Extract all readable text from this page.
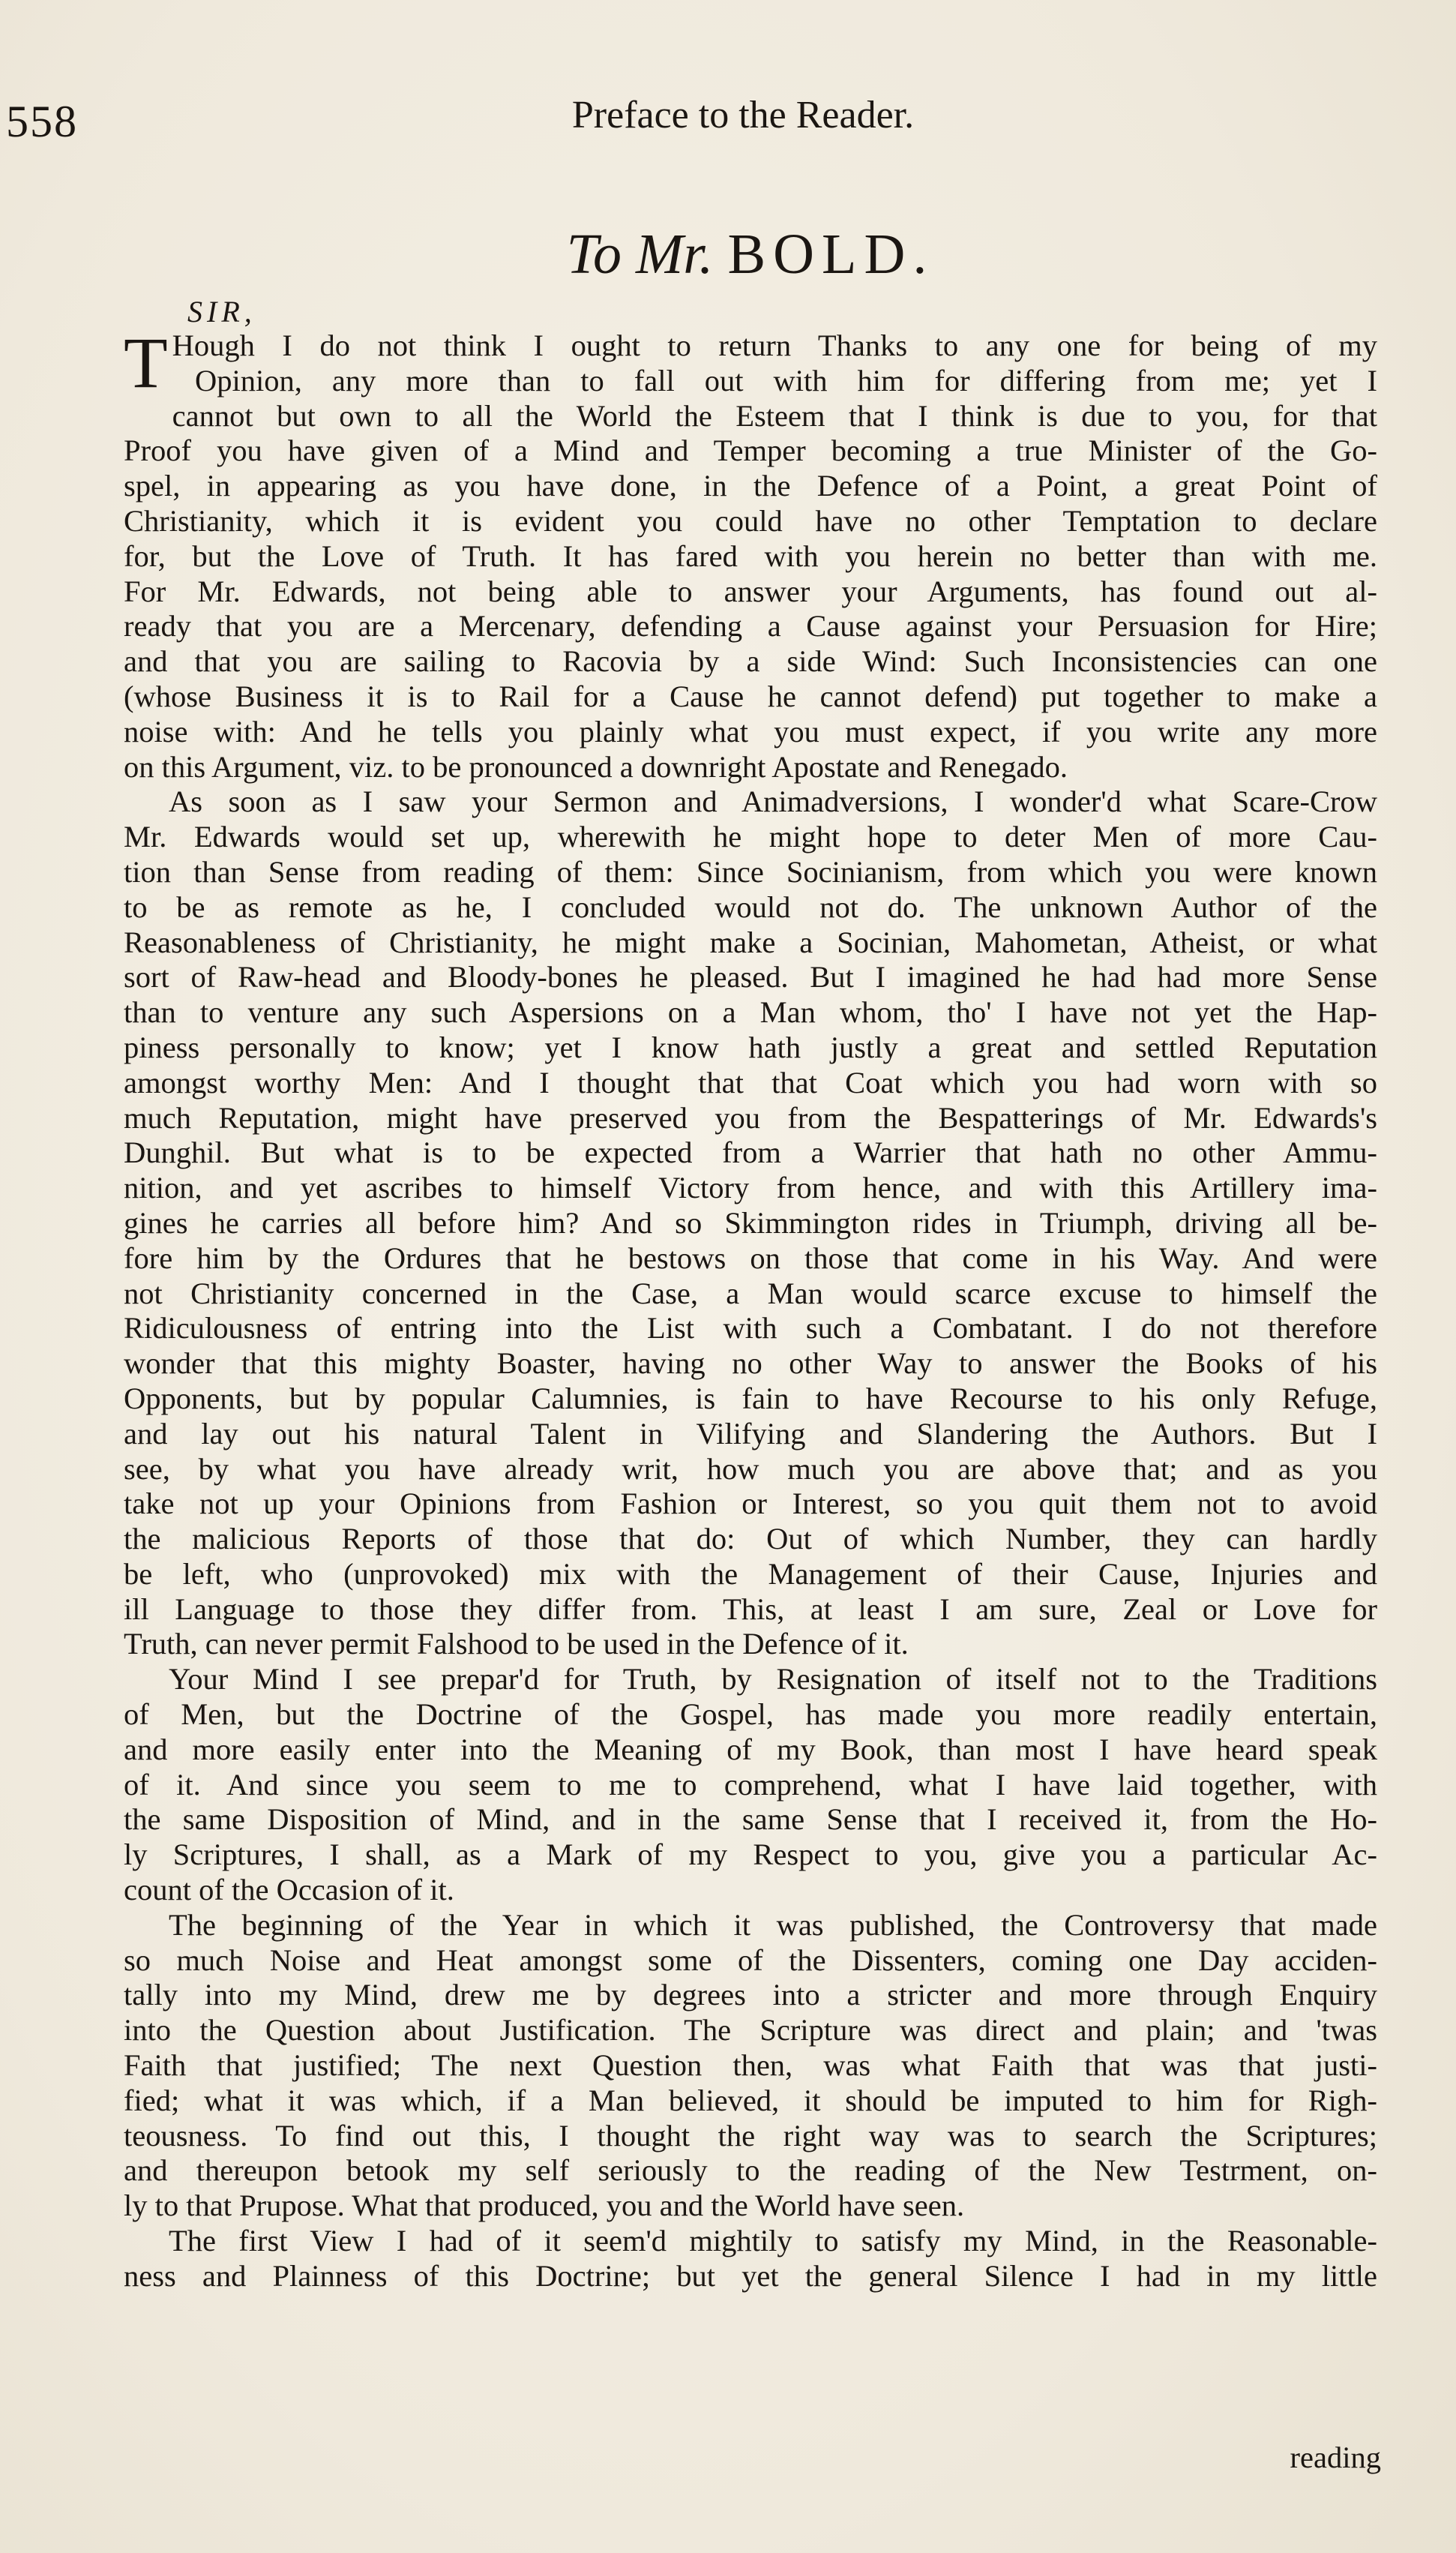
558	Preface to the Reader.
To Mr. BOLD.
SIR,
T Hough I do not think I ought to return Thanks to any one for being of my
Opinion, any more than to fall out with him for differing from me; yet I
cannot but own to all the World the Esteem that I think is due to you, for that
Proof you have given of a Mind and Temper becoming a true Minister of the Go-
spel, in appearing as you have done, in the Defence of a Point, a great Point of
Christianity, which it is evident you could have no other Temptation to declare
for, but the Love of Truth. It has fared with you herein no better than with me.
For Mr. Edwards, not being able to answer your Arguments, has found out al-
ready that you are a Mercenary, defending a Cause against your Persuasion for Hire;
and that you are sailing to Racovia by a side Wind: Such Inconsistencies can one
(whose Business it is to Rail for a Cause he cannot defend) put together to make a
noise with: And he tells you plainly what you must expect, if you write any more
on this Argument, viz. to be pronounced a downright Apostate and Renegado.
As soon as I saw your Sermon and Animadversions, I wonder'd what Scare-Crow
Mr. Edwards would set up, wherewith he might hope to deter Men of more Cau-
tion than Sense from reading of them: Since Socinianism, from which you were known
to be as remote as he, I concluded would not do. The unknown Author of the
Reasonableness of Christianity, he might make a Socinian, Mahometan, Atheist, or what
sort of Raw-head and Bloody-bones he pleased. But I imagined he had had more Sense
than to venture any such Aspersions on a Man whom, tho' I have not yet the Hap-
piness personally to know; yet I know hath justly a great and settled Reputation
amongst worthy Men: And I thought that that Coat which you had worn with so
much Reputation, might have preserved you from the Bespatterings of Mr. Edwards's
Dunghil. But what is to be expected from a Warrier that hath no other Ammu-
nition, and yet ascribes to himself Victory from hence, and with this Artillery ima-
gines he carries all before him? And so Skimmington rides in Triumph, driving all be-
fore him by the Ordures that he bestows on those that come in his Way. And were
not Christianity concerned in the Case, a Man would scarce excuse to himself the
Ridiculousness of entring into the List with such a Combatant. I do not therefore
wonder that this mighty Boaster, having no other Way to answer the Books of his
Opponents, but by popular Calumnies, is fain to have Recourse to his only Refuge,
and lay out his natural Talent in Vilifying and Slandering the Authors. But I
see, by what you have already writ, how much you are above that; and as you
take not up your Opinions from Fashion or Interest, so you quit them not to avoid
the malicious Reports of those that do: Out of which Number, they can hardly
be left, who (unprovoked) mix with the Management of their Cause, Injuries and
ill Language to those they differ from. This, at least I am sure, Zeal or Love for
Truth, can never permit Falshood to be used in the Defence of it.
Your Mind I see prepar'd for Truth, by Resignation of itself not to the Traditions
of Men, but the Doctrine of the Gospel, has made you more readily entertain,
and more easily enter into the Meaning of my Book, than most I have heard speak
of it. And since you seem to me to comprehend, what I have laid together, with
the same Disposition of Mind, and in the same Sense that I received it, from the Ho-
ly Scriptures, I shall, as a Mark of my Respect to you, give you a particular Ac-
count of the Occasion of it.
The beginning of the Year in which it was published, the Controversy that made
so much Noise and Heat amongst some of the Dissenters, coming one Day acciden-
tally into my Mind, drew me by degrees into a stricter and more through Enquiry
into the Question about Justification. The Scripture was direct and plain; and 'twas
Faith that justified; The next Question then, was what Faith that was that justi-
fied; what it was which, if a Man believed, it should be imputed to him for Righ-
teousness. To find out this, I thought the right way was to search the Scriptures;
and thereupon betook my self seriously to the reading of the New Testrment, on-
ly to that Prupose. What that produced, you and the World have seen.
The first View I had of it seem'd mightily to satisfy my Mind, in the Reasonable-
ness and Plainness of this Doctrine; but yet the general Silence I had in my little
reading
